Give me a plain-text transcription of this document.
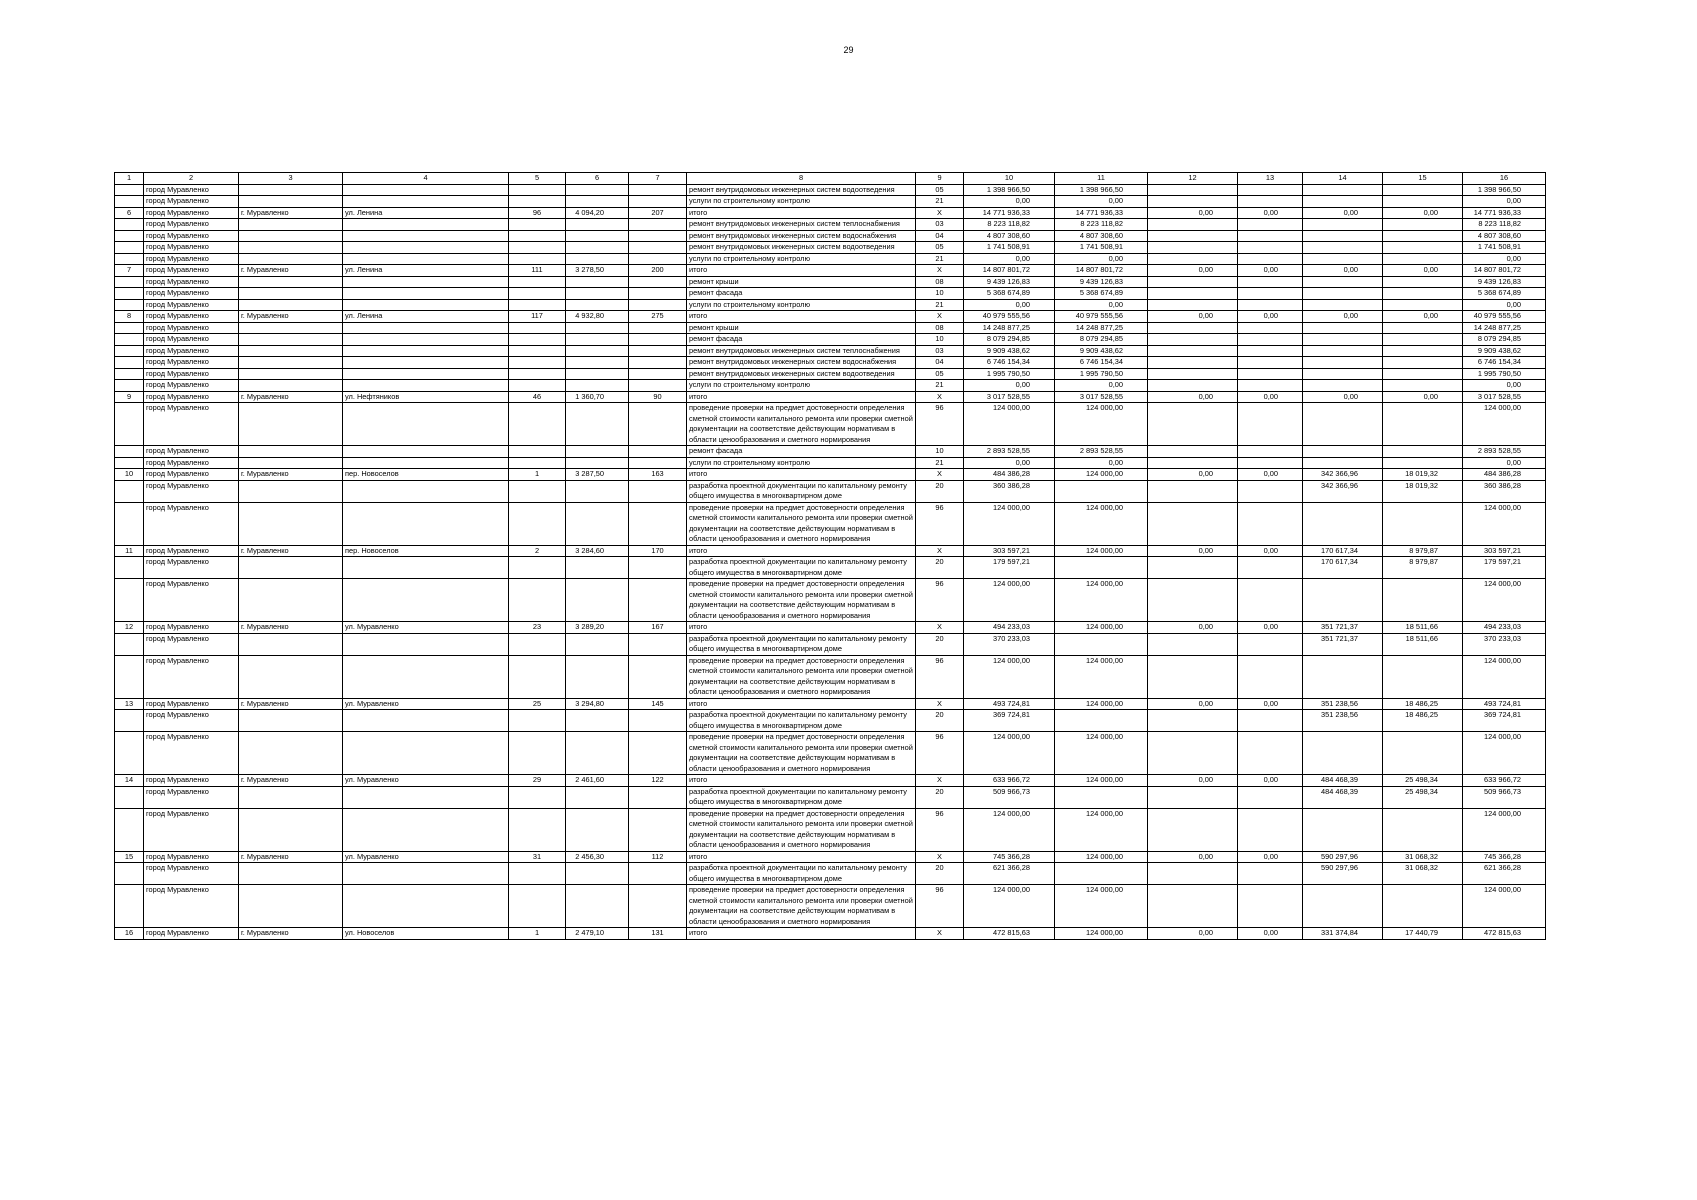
29
1	2	3	4	5	6	7	8	9	10	11	12	13	14	15	16
	город Муравленко						ремонт внутридомовых инженерных систем водоотведения	05	1 398 966,50	1 398 966,50					1 398 966,50
	город Муравленко						услуги по строительному контролю	21	0,00	0,00					0,00
6	город Муравленко	г. Муравленко	ул. Ленина	96	4 094,20	207	итого	X	14 771 936,33	14 771 936,33	0,00	0,00	0,00	0,00	14 771 936,33
	город Муравленко						ремонт внутридомовых инженерных систем теплоснабжения	03	8 223 118,82	8 223 118,82					8 223 118,82
	город Муравленко						ремонт внутридомовых инженерных систем водоснабжения	04	4 807 308,60	4 807 308,60					4 807 308,60
	город Муравленко						ремонт внутридомовых инженерных систем водоотведения	05	1 741 508,91	1 741 508,91					1 741 508,91
	город Муравленко						услуги по строительному контролю	21	0,00	0,00					0,00
7	город Муравленко	г. Муравленко	ул. Ленина	111	3 278,50	200	итого	X	14 807 801,72	14 807 801,72	0,00	0,00	0,00	0,00	14 807 801,72
	город Муравленко						ремонт крыши	08	9 439 126,83	9 439 126,83					9 439 126,83
	город Муравленко						ремонт фасада	10	5 368 674,89	5 368 674,89					5 368 674,89
	город Муравленко						услуги по строительному контролю	21	0,00	0,00					0,00
8	город Муравленко	г. Муравленко	ул. Ленина	117	4 932,80	275	итого	X	40 979 555,56	40 979 555,56	0,00	0,00	0,00	0,00	40 979 555,56
	город Муравленко						ремонт крыши	08	14 248 877,25	14 248 877,25					14 248 877,25
	город Муравленко						ремонт фасада	10	8 079 294,85	8 079 294,85					8 079 294,85
	город Муравленко						ремонт внутридомовых инженерных систем теплоснабжения	03	9 909 438,62	9 909 438,62					9 909 438,62
	город Муравленко						ремонт внутридомовых инженерных систем водоснабжения	04	6 746 154,34	6 746 154,34					6 746 154,34
	город Муравленко						ремонт внутридомовых инженерных систем водоотведения	05	1 995 790,50	1 995 790,50					1 995 790,50
	город Муравленко						услуги по строительному контролю	21	0,00	0,00					0,00
9	город Муравленко	г. Муравленко	ул. Нефтяников	46	1 360,70	90	итого	X	3 017 528,55	3 017 528,55	0,00	0,00	0,00	0,00	3 017 528,55
	город Муравленко						проведение проверки на предмет достоверности определения сметной стоимости капитального ремонта или проверки сметной документации на соответствие действующим нормативам в области ценообразования и сметного нормирования	96	124 000,00	124 000,00					124 000,00
	город Муравленко						ремонт фасада	10	2 893 528,55	2 893 528,55					2 893 528,55
	город Муравленко						услуги по строительному контролю	21	0,00	0,00					0,00
10	город Муравленко	г. Муравленко	пер. Новоселов	1	3 287,50	163	итого	X	484 386,28	124 000,00	0,00	0,00	342 366,96	18 019,32	484 386,28
	город Муравленко						разработка проектной документации по капитальному ремонту общего имущества в многоквартирном доме	20	360 386,28				342 366,96	18 019,32	360 386,28
	город Муравленко						проведение проверки на предмет достоверности определения сметной стоимости капитального ремонта или проверки сметной документации на соответствие действующим нормативам в области ценообразования и сметного нормирования	96	124 000,00	124 000,00					124 000,00
11	город Муравленко	г. Муравленко	пер. Новоселов	2	3 284,60	170	итого	X	303 597,21	124 000,00	0,00	0,00	170 617,34	8 979,87	303 597,21
	город Муравленко						разработка проектной документации по капитальному ремонту общего имущества в многоквартирном доме	20	179 597,21				170 617,34	8 979,87	179 597,21
	город Муравленко						проведение проверки на предмет достоверности определения сметной стоимости капитального ремонта или проверки сметной документации на соответствие действующим нормативам в области ценообразования и сметного нормирования	96	124 000,00	124 000,00					124 000,00
12	город Муравленко	г. Муравленко	ул. Муравленко	23	3 289,20	167	итого	X	494 233,03	124 000,00	0,00	0,00	351 721,37	18 511,66	494 233,03
	город Муравленко						разработка проектной документации по капитальному ремонту общего имущества в многоквартирном доме	20	370 233,03				351 721,37	18 511,66	370 233,03
	город Муравленко						проведение проверки на предмет достоверности определения сметной стоимости капитального ремонта или проверки сметной документации на соответствие действующим нормативам в области ценообразования и сметного нормирования	96	124 000,00	124 000,00					124 000,00
13	город Муравленко	г. Муравленко	ул. Муравленко	25	3 294,80	145	итого	X	493 724,81	124 000,00	0,00	0,00	351 238,56	18 486,25	493 724,81
	город Муравленко						разработка проектной документации по капитальному ремонту общего имущества в многоквартирном доме	20	369 724,81				351 238,56	18 486,25	369 724,81
	город Муравленко						проведение проверки на предмет достоверности определения сметной стоимости капитального ремонта или проверки сметной документации на соответствие действующим нормативам в области ценообразования и сметного нормирования	96	124 000,00	124 000,00					124 000,00
14	город Муравленко	г. Муравленко	ул. Муравленко	29	2 461,60	122	итого	X	633 966,72	124 000,00	0,00	0,00	484 468,39	25 498,34	633 966,72
	город Муравленко						разработка проектной документации по капитальному ремонту общего имущества в многоквартирном доме	20	509 966,73				484 468,39	25 498,34	509 966,73
	город Муравленко						проведение проверки на предмет достоверности определения сметной стоимости капитального ремонта или проверки сметной документации на соответствие действующим нормативам в области ценообразования и сметного нормирования	96	124 000,00	124 000,00					124 000,00
15	город Муравленко	г. Муравленко	ул. Муравленко	31	2 456,30	112	итого	X	745 366,28	124 000,00	0,00	0,00	590 297,96	31 068,32	745 366,28
	город Муравленко						разработка проектной документации по капитальному ремонту общего имущества в многоквартирном доме	20	621 366,28				590 297,96	31 068,32	621 366,28
	город Муравленко						проведение проверки на предмет достоверности определения сметной стоимости капитального ремонта или проверки сметной документации на соответствие действующим нормативам в области ценообразования и сметного нормирования	96	124 000,00	124 000,00					124 000,00
16	город Муравленко	г. Муравленко	ул. Новоселов	1	2 479,10	131	итого	X	472 815,63	124 000,00	0,00	0,00	331 374,84	17 440,79	472 815,63
